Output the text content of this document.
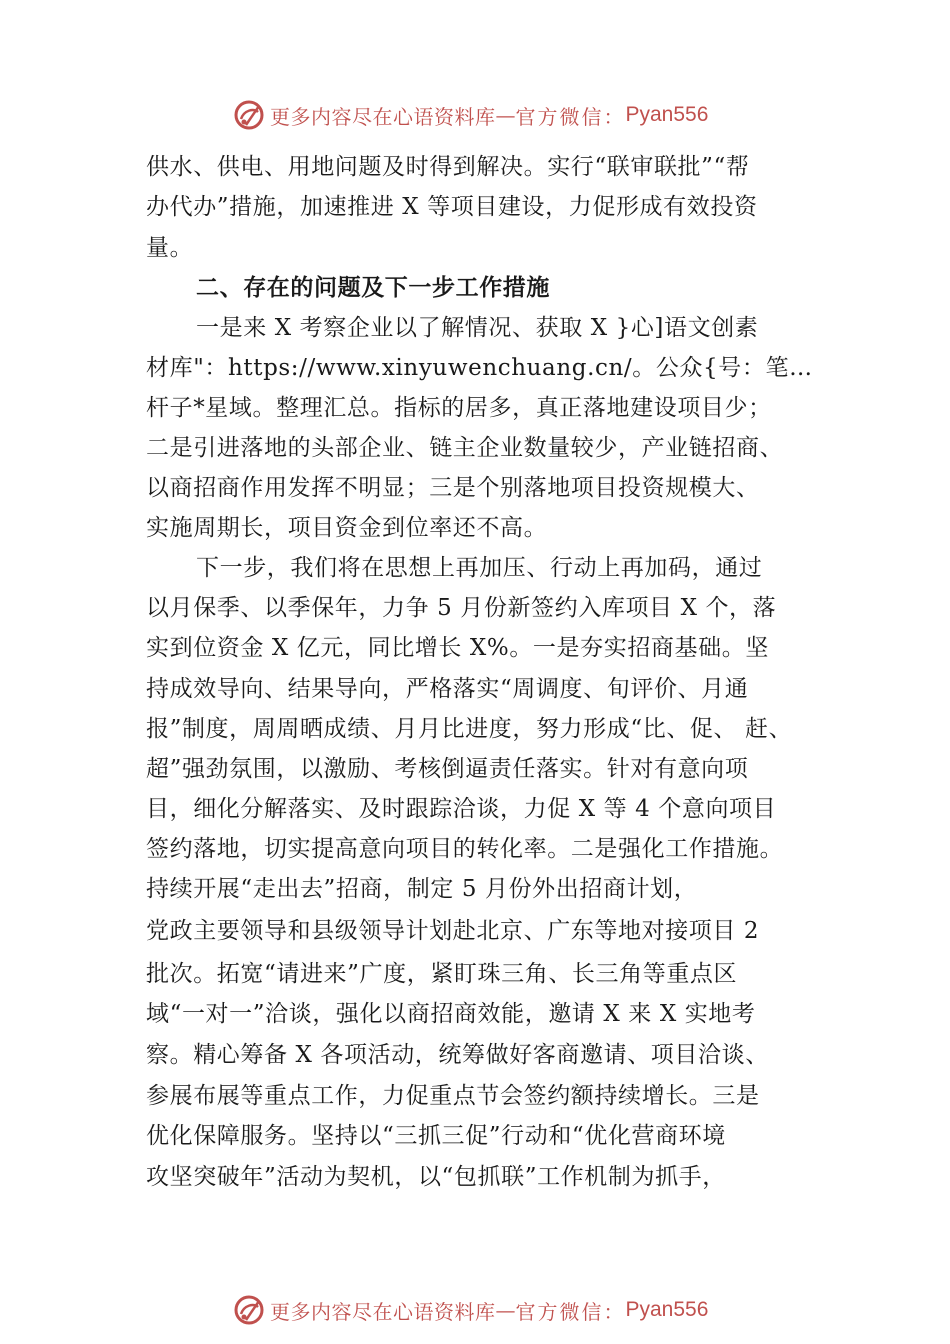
更多内容尽在心语资料库 — 官方微信： Pyan556
供水、供电、用地问题及时得到解决。实行“联审联批”“帮
办代办”措施，加速推进 X 等项目建设，力促形成有效投资
量。
二、存在的问题及下一步工作措施
一是来 X 考察企业以了解情况、获取 X }心]语文创素
材库"：https://www.xinyuwenchuang.cn/。公众{号：笔…
杆子*星域。整理汇总。指标的居多，真正落地建设项目少；
二是引进落地的头部企业、链主企业数量较少，产业链招商、
以商招商作用发挥不明显；三是个别落地项目投资规模大、
实施周期长，项目资金到位率还不高。
下一步，我们将在思想上再加压、行动上再加码，通过
以月保季、以季保年，力争 5 月份新签约入库项目 X 个，落
实到位资金 X 亿元，同比增长 X%。一是夯实招商基础。坚
持成效导向、结果导向，严格落实“周调度、旬评价、月通
报”制度，周周晒成绩、月月比进度，努力形成“比、促、 赶、
超”强劲氛围，以激励、考核倒逼责任落实。针对有意向项
目，细化分解落实、及时跟踪洽谈，力促 X 等 4 个意向项目
签约落地，切实提高意向项目的转化率。二是强化工作措施。
持续开展“走出去”招商，制定 5 月份外出招商计划，
党政主要领导和县级领导计划赴北京、广东等地对接项目 2
批次。拓宽“请进来”广度，紧盯珠三角、长三角等重点区
域“一对一”洽谈，强化以商招商效能，邀请 X 来 X 实地考
察。精心筹备 X 各项活动，统筹做好客商邀请、项目洽谈、
参展布展等重点工作，力促重点节会签约额持续增长。三是
优化保障服务。坚持以“三抓三促”行动和“优化营商环境
攻坚突破年”活动为契机，以“包抓联”工作机制为抓手，
更多内容尽在心语资料库 — 官方微信： Pyan556
